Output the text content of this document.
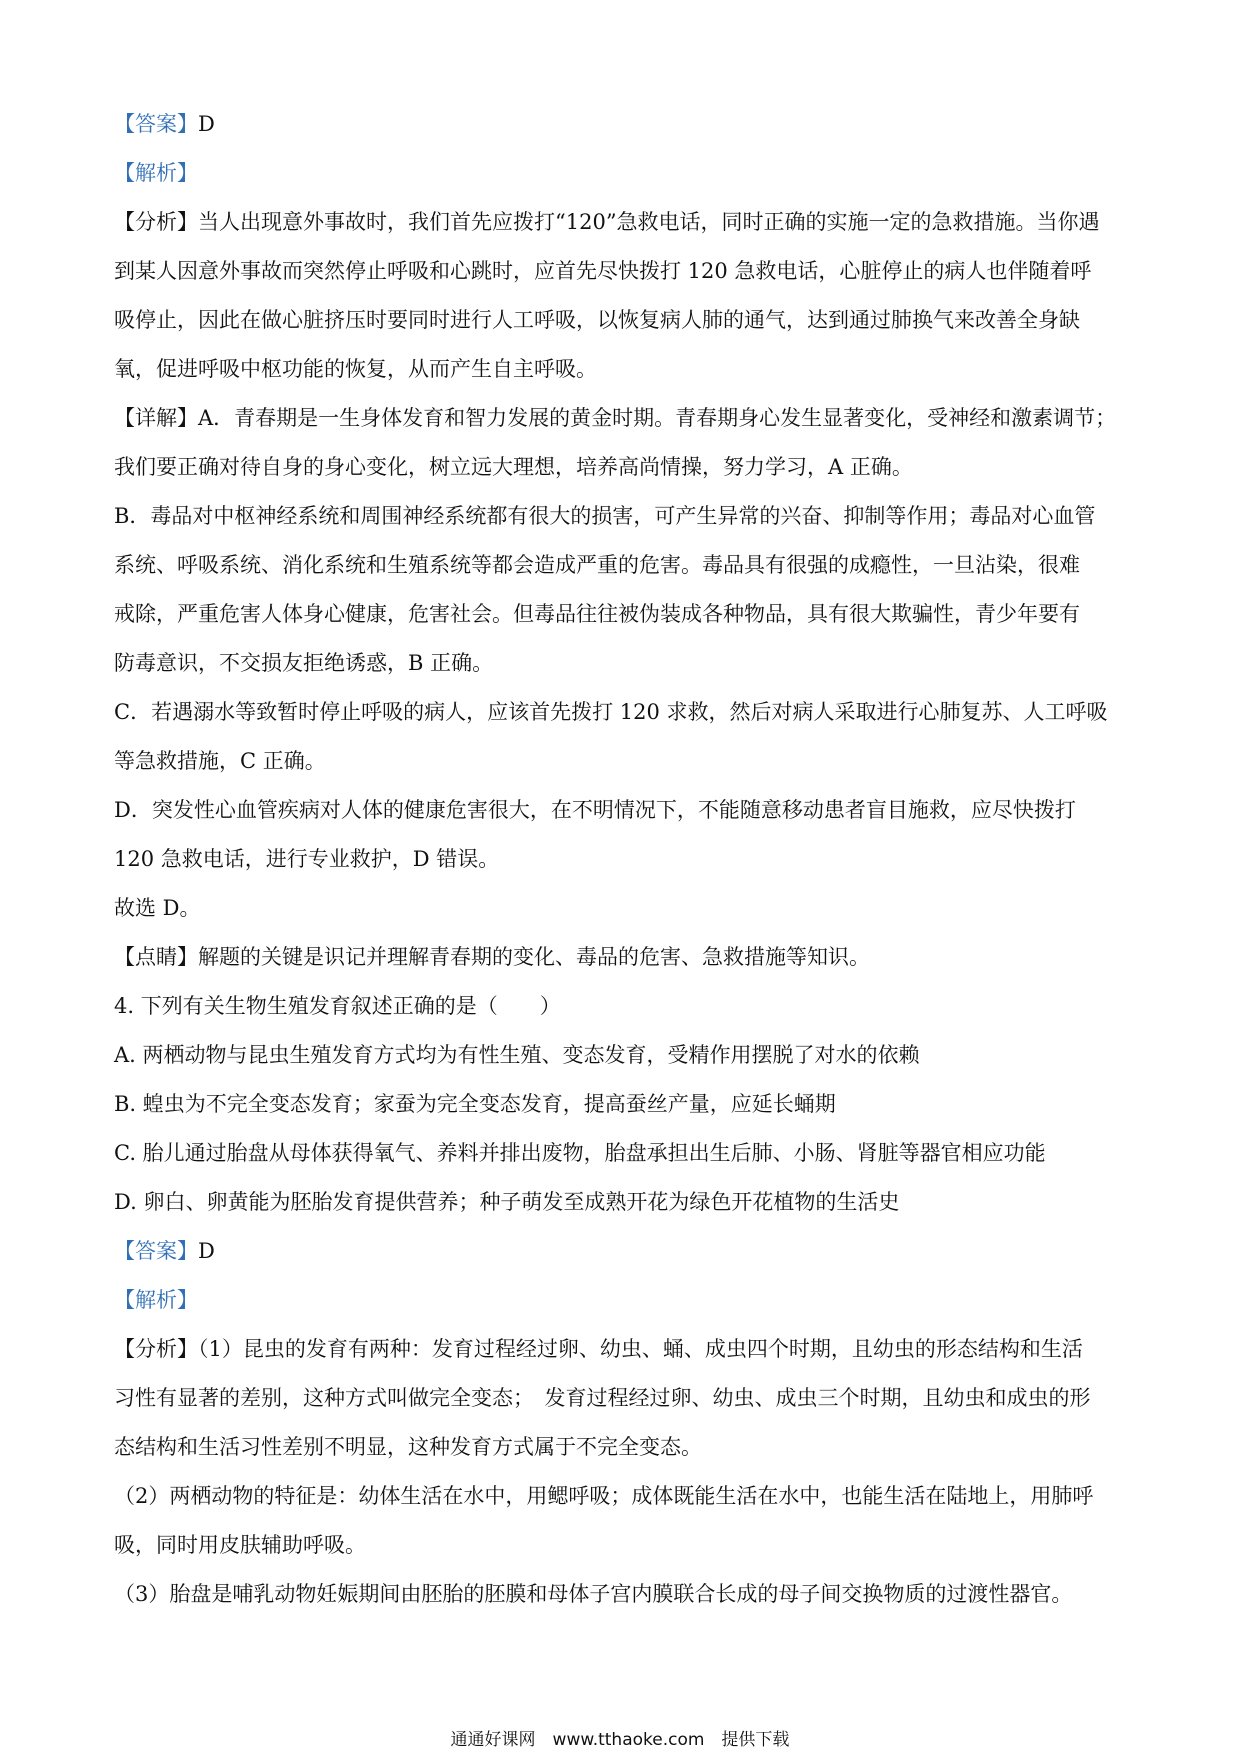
【答案】D

【解析】

【分析】当人出现意外事故时，我们首先应拨打“120”急救电话，同时正确的实施一定的急救措施。当你遇

到某人因意外事故而突然停止呼吸和心跳时，应首先尽快拨打 120 急救电话，心脏停止的病人也伴随着呼

吸停止，因此在做心脏挤压时要同时进行人工呼吸，以恢复病人肺的通气，达到通过肺换气来改善全身缺

氧，促进呼吸中枢功能的恢复，从而产生自主呼吸。

【详解】A．青春期是一生身体发育和智力发展的黄金时期。青春期身心发生显著变化，受神经和激素调节；

我们要正确对待自身的身心变化，树立远大理想，培养高尚情操，努力学习，A 正确。

B．毒品对中枢神经系统和周围神经系统都有很大的损害，可产生异常的兴奋、抑制等作用；毒品对心血管

系统、呼吸系统、消化系统和生殖系统等都会造成严重的危害。毒品具有很强的成瘾性，一旦沾染，很难

戒除，严重危害人体身心健康，危害社会。但毒品往往被伪装成各种物品，具有很大欺骗性，青少年要有

防毒意识，不交损友拒绝诱惑，B 正确。

C．若遇溺水等致暂时停止呼吸的病人，应该首先拨打 120 求救，然后对病人采取进行心肺复苏、人工呼吸

等急救措施，C 正确。

D．突发性心血管疾病对人体的健康危害很大，在不明情况下，不能随意移动患者盲目施救，应尽快拨打

120 急救电话，进行专业救护，D 错误。

故选 D。

【点睛】解题的关键是识记并理解青春期的变化、毒品的危害、急救措施等知识。

4. 下列有关生物生殖发育叙述正确的是（　　）

A. 两栖动物与昆虫生殖发育方式均为有性生殖、变态发育，受精作用摆脱了对水的依赖

B. 蝗虫为不完全变态发育；家蚕为完全变态发育，提高蚕丝产量，应延长蛹期

C. 胎儿通过胎盘从母体获得氧气、养料并排出废物，胎盘承担出生后肺、小肠、肾脏等器官相应功能

D. 卵白、卵黄能为胚胎发育提供营养；种子萌发至成熟开花为绿色开花植物的生活史

【答案】D

【解析】

【分析】（1）昆虫的发育有两种：发育过程经过卵、幼虫、蛹、成虫四个时期，且幼虫的形态结构和生活

习性有显著的差别，这种方式叫做完全变态；　发育过程经过卵、幼虫、成虫三个时期，且幼虫和成虫的形

态结构和生活习性差别不明显，这种发育方式属于不完全变态。

（2）两栖动物的特征是：幼体生活在水中，用鳃呼吸；成体既能生活在水中，也能生活在陆地上，用肺呼

吸，同时用皮肤辅助呼吸。

（3）胎盘是哺乳动物妊娠期间由胚胎的胚膜和母体子宫内膜联合长成的母子间交换物质的过渡性器官。

通通好课网　www.tthaoke.com　提供下载
